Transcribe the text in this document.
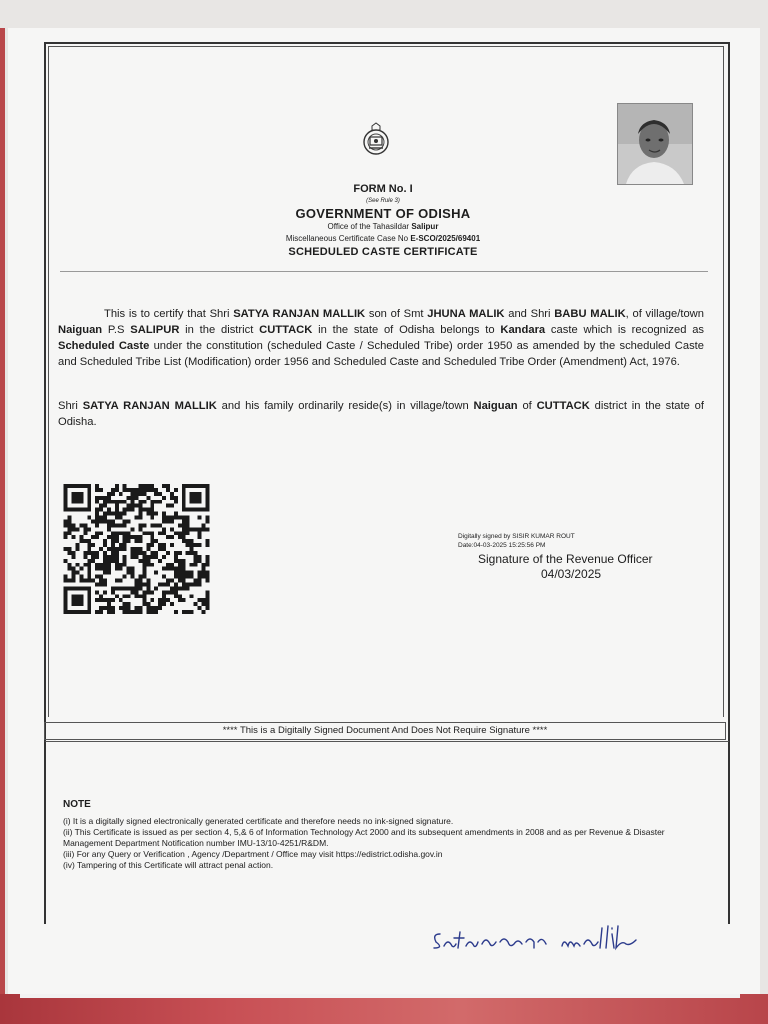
FORM No. I
(See Rule 3)
GOVERNMENT OF ODISHA
Office of the Tahasildar Salipur
Miscellaneous Certificate Case No E-SCO/2025/69401
SCHEDULED CASTE CERTIFICATE
This is to certify that Shri SATYA RANJAN MALLIK son of Smt JHUNA MALIK and Shri BABU MALIK, of village/town Naiguan P.S SALIPUR in the district CUTTACK in the state of Odisha belongs to Kandara caste which is recognized as Scheduled Caste under the constitution (scheduled Caste / Scheduled Tribe) order 1950 as amended by the scheduled Caste and Scheduled Tribe List (Modification) order 1956 and Scheduled Caste and Scheduled Tribe Order (Amendment) Act, 1976.
Shri SATYA RANJAN MALLIK and his family ordinarily reside(s) in village/town Naiguan of CUTTACK district in the state of Odisha.
Digitally signed by SISIR KUMAR ROUT
Date:04-03-2025 15:25:56 PM
Signature of the Revenue Officer
04/03/2025
**** This is a Digitally Signed Document And Does Not Require Signature ****
NOTE
(i) It is a digitally signed electronically generated certificate and therefore needs no ink-signed signature.
(ii) This Certificate is issued as per section 4, 5,& 6 of Information Technology Act 2000 and its subsequent amendments in 2008 and as per Revenue & Disaster Management Department Notification number IMU-13/10-4251/R&DM.
(iii) For any Query or Verification , Agency /Department / Office may visit https://edistrict.odisha.gov.in
(iv) Tampering of this Certificate will attract penal action.
